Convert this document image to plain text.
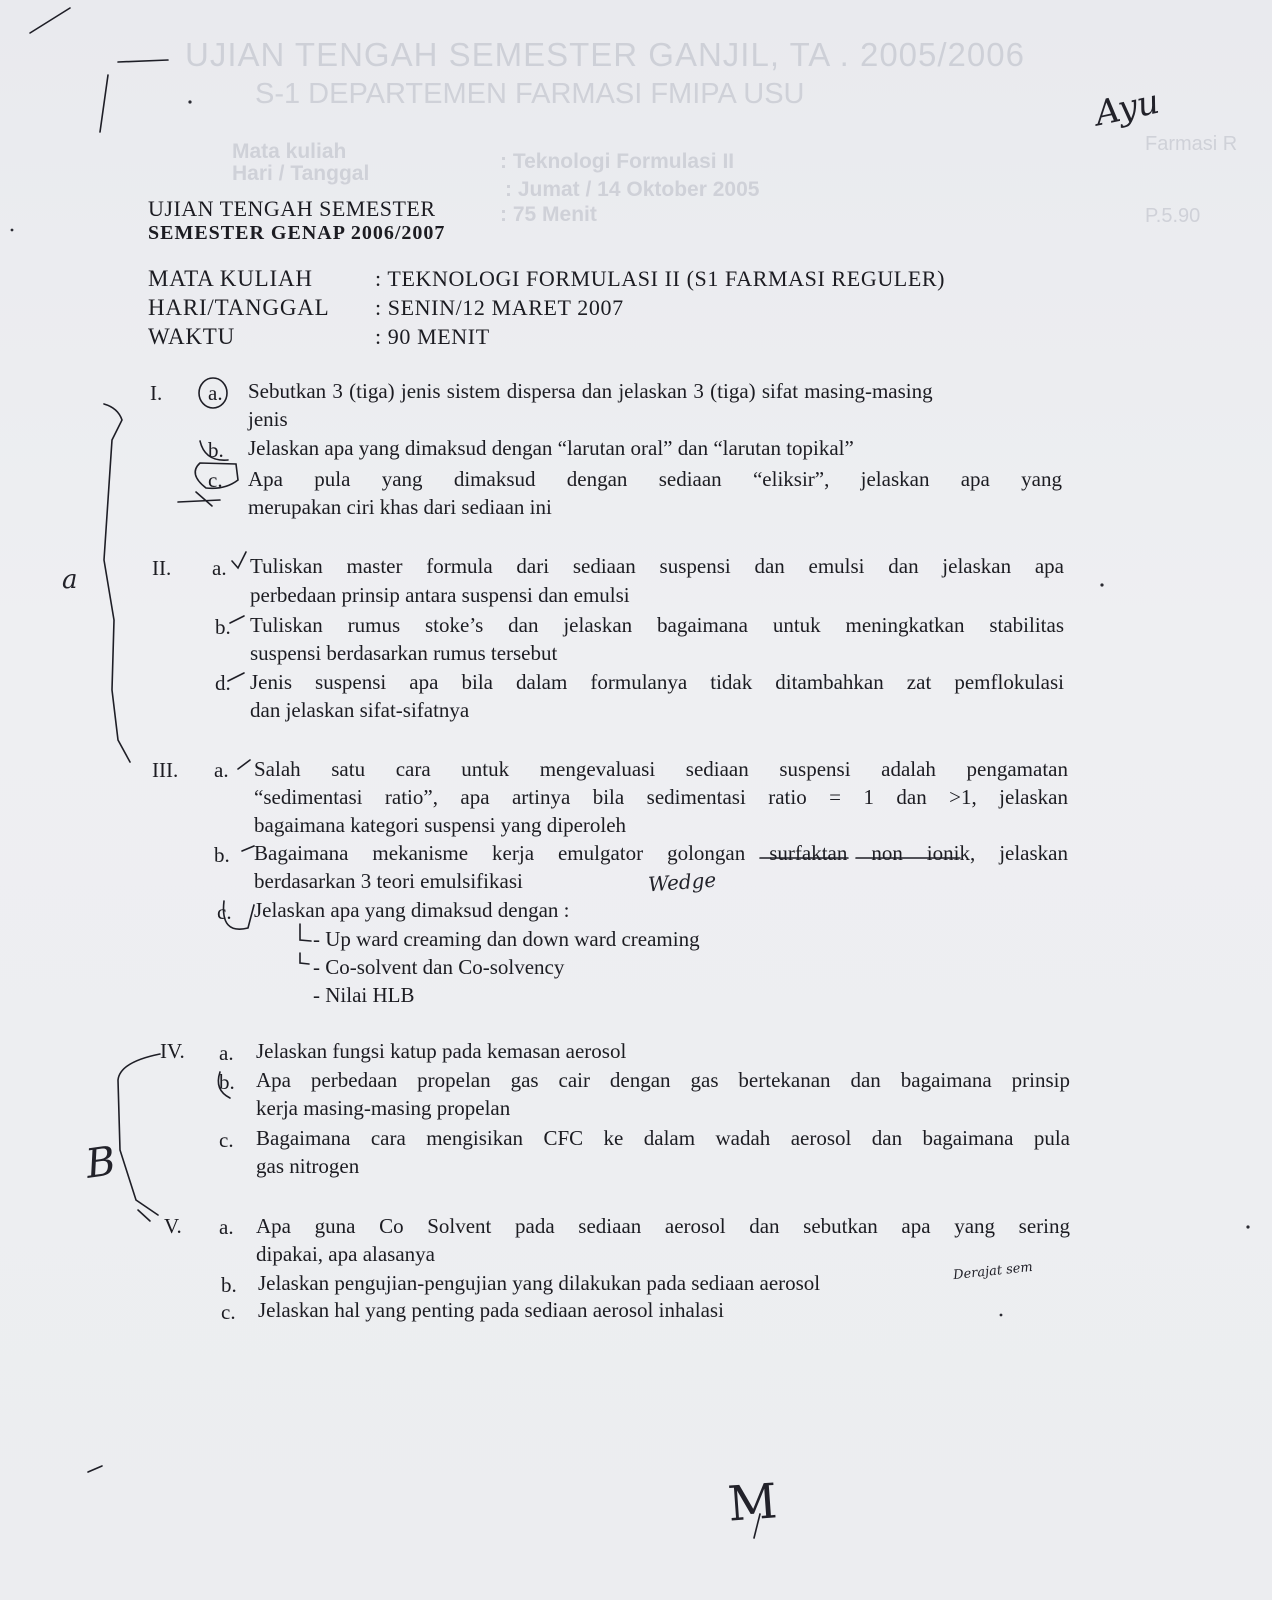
UJIAN TENGAH SEMESTER GANJIL, TA . 2005/2006
S-1 DEPARTEMEN FARMASI FMIPA USU
Mata kuliah
Hari / Tanggal
: Teknologi Formulasi II
: Jumat / 14 Oktober 2005
: 75 Menit
Farmasi R
P.5.90
UJIAN TENGAH SEMESTER
SEMESTER GENAP 2006/2007
MATA KULIAH	: TEKNOLOGI FORMULASI II (S1 FARMASI REGULER)
HARI/TANGGAL : SENIN/12 MARET 2007
WAKTU	: 90 MENIT
I. a. Sebutkan 3 (tiga) jenis sistem dispersa dan jelaskan 3 (tiga) sifat masing-masing
jenis
b. Jelaskan apa yang dimaksud dengan “larutan oral” dan “larutan topikal”
c. Apa pula yang dimaksud dengan sediaan “eliksir”, jelaskan apa yang
merupakan ciri khas dari sediaan ini
II. a. Tuliskan master formula dari sediaan suspensi dan emulsi dan jelaskan apa
perbedaan prinsip antara suspensi dan emulsi
b. Tuliskan rumus stoke’s dan jelaskan bagaimana untuk meningkatkan stabilitas
suspensi berdasarkan rumus tersebut
d. Jenis suspensi apa bila dalam formulanya tidak ditambahkan zat pemflokulasi
dan jelaskan sifat-sifatnya
III. a. Salah satu cara untuk mengevaluasi sediaan suspensi adalah pengamatan
“sedimentasi ratio”, apa artinya bila sedimentasi ratio = 1 dan >1, jelaskan
bagaimana kategori suspensi yang diperoleh
b. Bagaimana mekanisme kerja emulgator golongan surfaktan non ionik, jelaskan
berdasarkan 3 teori emulsifikasi
c. Jelaskan apa yang dimaksud dengan :
- Up ward creaming dan down ward creaming
- Co-solvent dan Co-solvency
- Nilai HLB
IV. a. Jelaskan fungsi katup pada kemasan aerosol
b. Apa perbedaan propelan gas cair dengan gas bertekanan dan bagaimana prinsip
kerja masing-masing propelan
c. Bagaimana cara mengisikan CFC ke dalam wadah aerosol dan bagaimana pula
gas nitrogen
V. a. Apa guna Co Solvent pada sediaan aerosol dan sebutkan apa yang sering
dipakai, apa alasanya
b. Jelaskan pengujian-pengujian yang dilakukan pada sediaan aerosol
c. Jelaskan hal yang penting pada sediaan aerosol inhalasi
Ayu
a
B
Wedge
Derajat sem
M
